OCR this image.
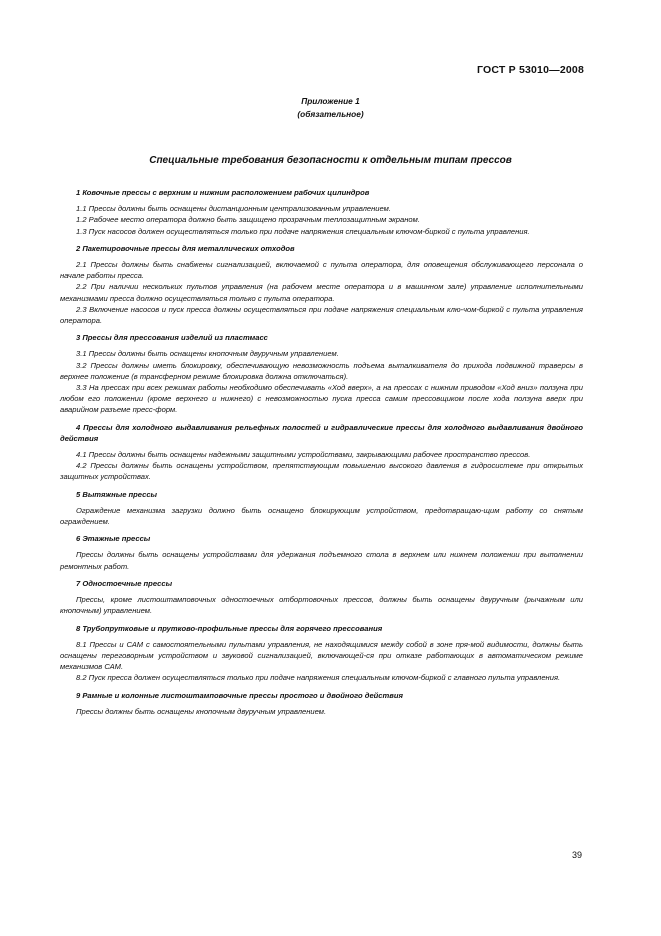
ГОСТ Р 53010—2008
Приложение 1
(обязательное)
Специальные требования безопасности к отдельным типам прессов

1 Ковочные прессы с верхним и нижним расположением рабочих цилиндров

1.1 Прессы должны быть оснащены дистанционным централизованным управлением.

1.2 Рабочее место оператора должно быть защищено прозрачным теплозащитным экраном.

1.3 Пуск насосов должен осуществляться только при подаче напряжения специальным ключом-биркой с пульта управления.

2 Пакетировочные прессы для металлических отходов

2.1 Прессы должны быть снабжены сигнализацией, включаемой с пульта оператора, для оповещения обслуживающего персонала о начале работы пресса.

2.2 При наличии нескольких пультов управления (на рабочем месте оператора и в машинном зале) управление исполнительными механизмами пресса должно осуществляться только с пульта оператора.

2.3 Включение насосов и пуск пресса должны осуществляться при подаче напряжения специальным клю-чом-биркой с пульта управления оператора.

3 Прессы для прессования изделий из пластмасс

3.1 Прессы должны быть оснащены кнопочным двуручным управлением.

3.2 Прессы должны иметь блокировку, обеспечивающую невозможность подъема выталкивателя до прихода подвижной траверсы в верхнее положение (в трансферном режиме блокировка должна отключаться).

3.3 На прессах при всех режимах работы необходимо обеспечивать «Ход вверх», а на прессах с нижним приводом «Ход вниз» ползуна при любом его положении (кроме верхнего и нижнего) с невозможностью пуска пресса самим прессовщиком после хода ползуна вверх при аварийном разъеме пресс-форм.

4 Прессы для холодного выдавливания рельефных полостей и гидравлические прессы для холодного выдавливания двойного действия

4.1 Прессы должны быть оснащены надежными защитными устройствами, закрывающими рабочее пространство прессов.

4.2 Прессы должны быть оснащены устройством, препятствующим повышению высокого давления в гидросистеме при открытых защитных устройствах.

5 Вытяжные прессы

Ограждение механизма загрузки должно быть оснащено блокирующим устройством, предотвращаю-щим работу со снятым ограждением.

6 Этажные прессы

Прессы должны быть оснащены устройствами для удержания подъемного стола в верхнем или нижнем положении при выполнении ремонтных работ.

7 Одностоечные прессы

Прессы, кроме листоштамповочных одностоечных отбортовочных прессов, должны быть оснащены двуручным (рычажным или кнопочным) управлением.

8 Трубопрутковые и прутково-профильные прессы для горячего прессования

8.1 Прессы и САМ с самостоятельными пультами управления, не находящимися между собой в зоне пря-мой видимости, должны быть оснащены переговорным устройством и звуковой сигнализацией, включающей-ся при отказе работающих в автоматическом режиме механизмов САМ.

8.2 Пуск пресса должен осуществляться только при подаче напряжения специальным ключом-биркой с главного пульта управления.

9 Рамные и колонные листоштамповочные прессы простого и двойного действия

Прессы должны быть оснащены кнопочным двуручным управлением.

39
